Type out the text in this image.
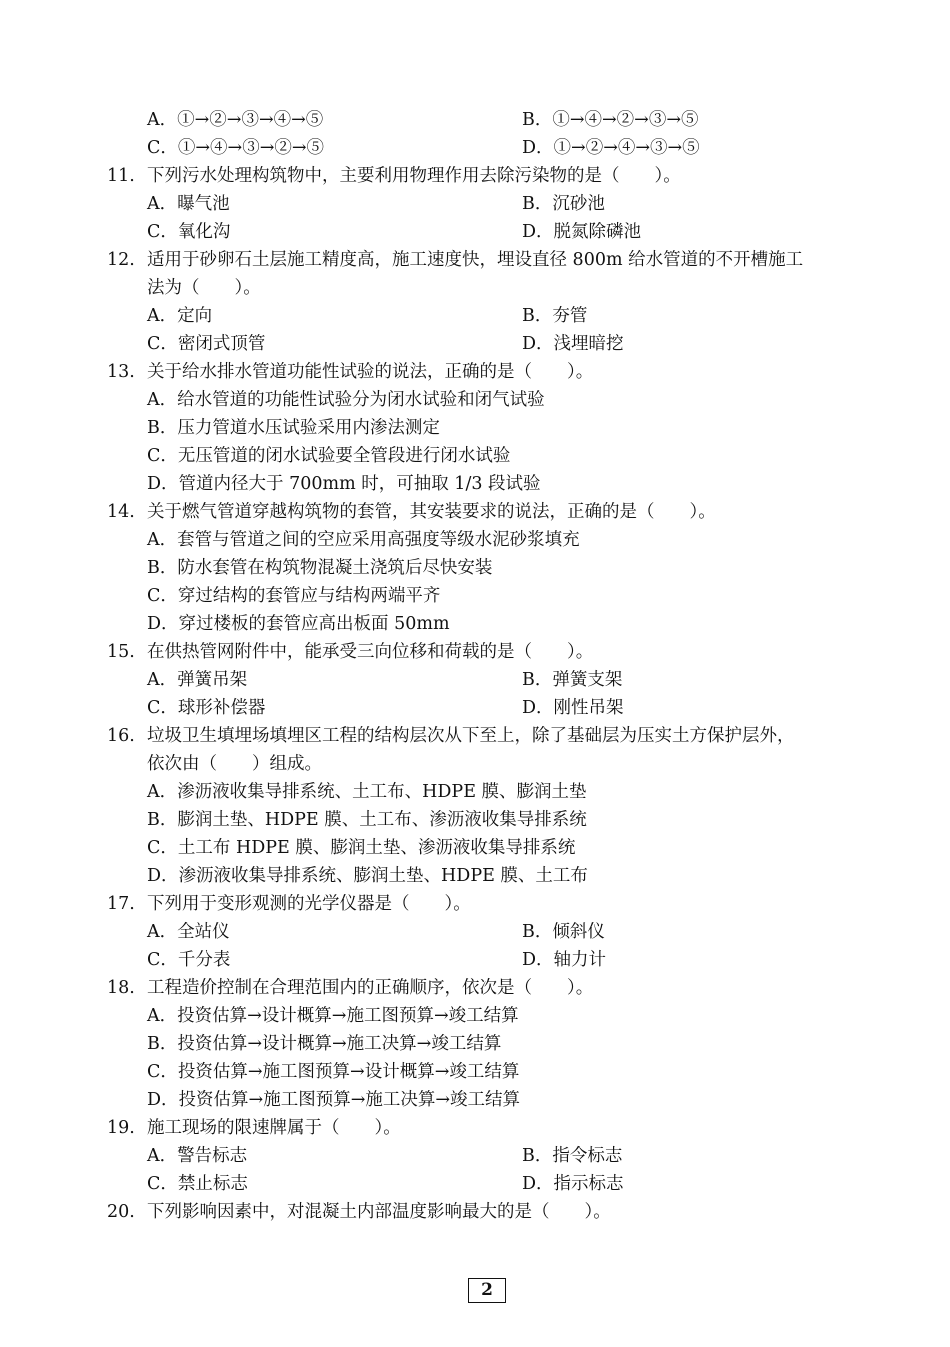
A．①→②→③→④→⑤	B．①→④→②→③→⑤
C．①→④→③→②→⑤	D．①→②→④→③→⑤
11. 下列污水处理构筑物中，主要利用物理作用去除污染物的是（　　）。
A．曝气池	B．沉砂池
C．氧化沟	D．脱氮除磷池
12. 适用于砂卵石土层施工精度高，施工速度快，埋设直径 800m 给水管道的不开槽施工
法为（　　）。
A．定向	B．夯管
C．密闭式顶管	D．浅埋暗挖
13. 关于给水排水管道功能性试验的说法，正确的是（　　）。
A．给水管道的功能性试验分为闭水试验和闭气试验
B．压力管道水压试验采用内渗法测定
C．无压管道的闭水试验要全管段进行闭水试验
D．管道内径大于 700mm 时，可抽取 1/3 段试验
14. 关于燃气管道穿越构筑物的套管，其安装要求的说法，正确的是（　　）。
A．套管与管道之间的空应采用高强度等级水泥砂浆填充
B．防水套管在构筑物混凝土浇筑后尽快安装
C．穿过结构的套管应与结构两端平齐
D．穿过楼板的套管应高出板面 50mm
15. 在供热管网附件中，能承受三向位移和荷载的是（　　）。
A．弹簧吊架	B．弹簧支架
C．球形补偿器	D．刚性吊架
16. 垃圾卫生填埋场填埋区工程的结构层次从下至上，除了基础层为压实土方保护层外，
依次由（　　）组成。
A．渗沥液收集导排系统、土工布、HDPE 膜、膨润土垫
B．膨润土垫、HDPE 膜、土工布、渗沥液收集导排系统
C．土工布 HDPE 膜、膨润土垫、渗沥液收集导排系统
D．渗沥液收集导排系统、膨润土垫、HDPE 膜、土工布
17. 下列用于变形观测的光学仪器是（　　）。
A．全站仪	B．倾斜仪
C．千分表	D．轴力计
18. 工程造价控制在合理范围内的正确顺序，依次是（　　）。
A．投资估算→设计概算→施工图预算→竣工结算
B．投资估算→设计概算→施工决算→竣工结算
C．投资估算→施工图预算→设计概算→竣工结算
D．投资估算→施工图预算→施工决算→竣工结算
19. 施工现场的限速牌属于（　　）。
A．警告标志	B．指令标志
C．禁止标志	D．指示标志
20. 下列影响因素中，对混凝土内部温度影响最大的是（　　）。
2
